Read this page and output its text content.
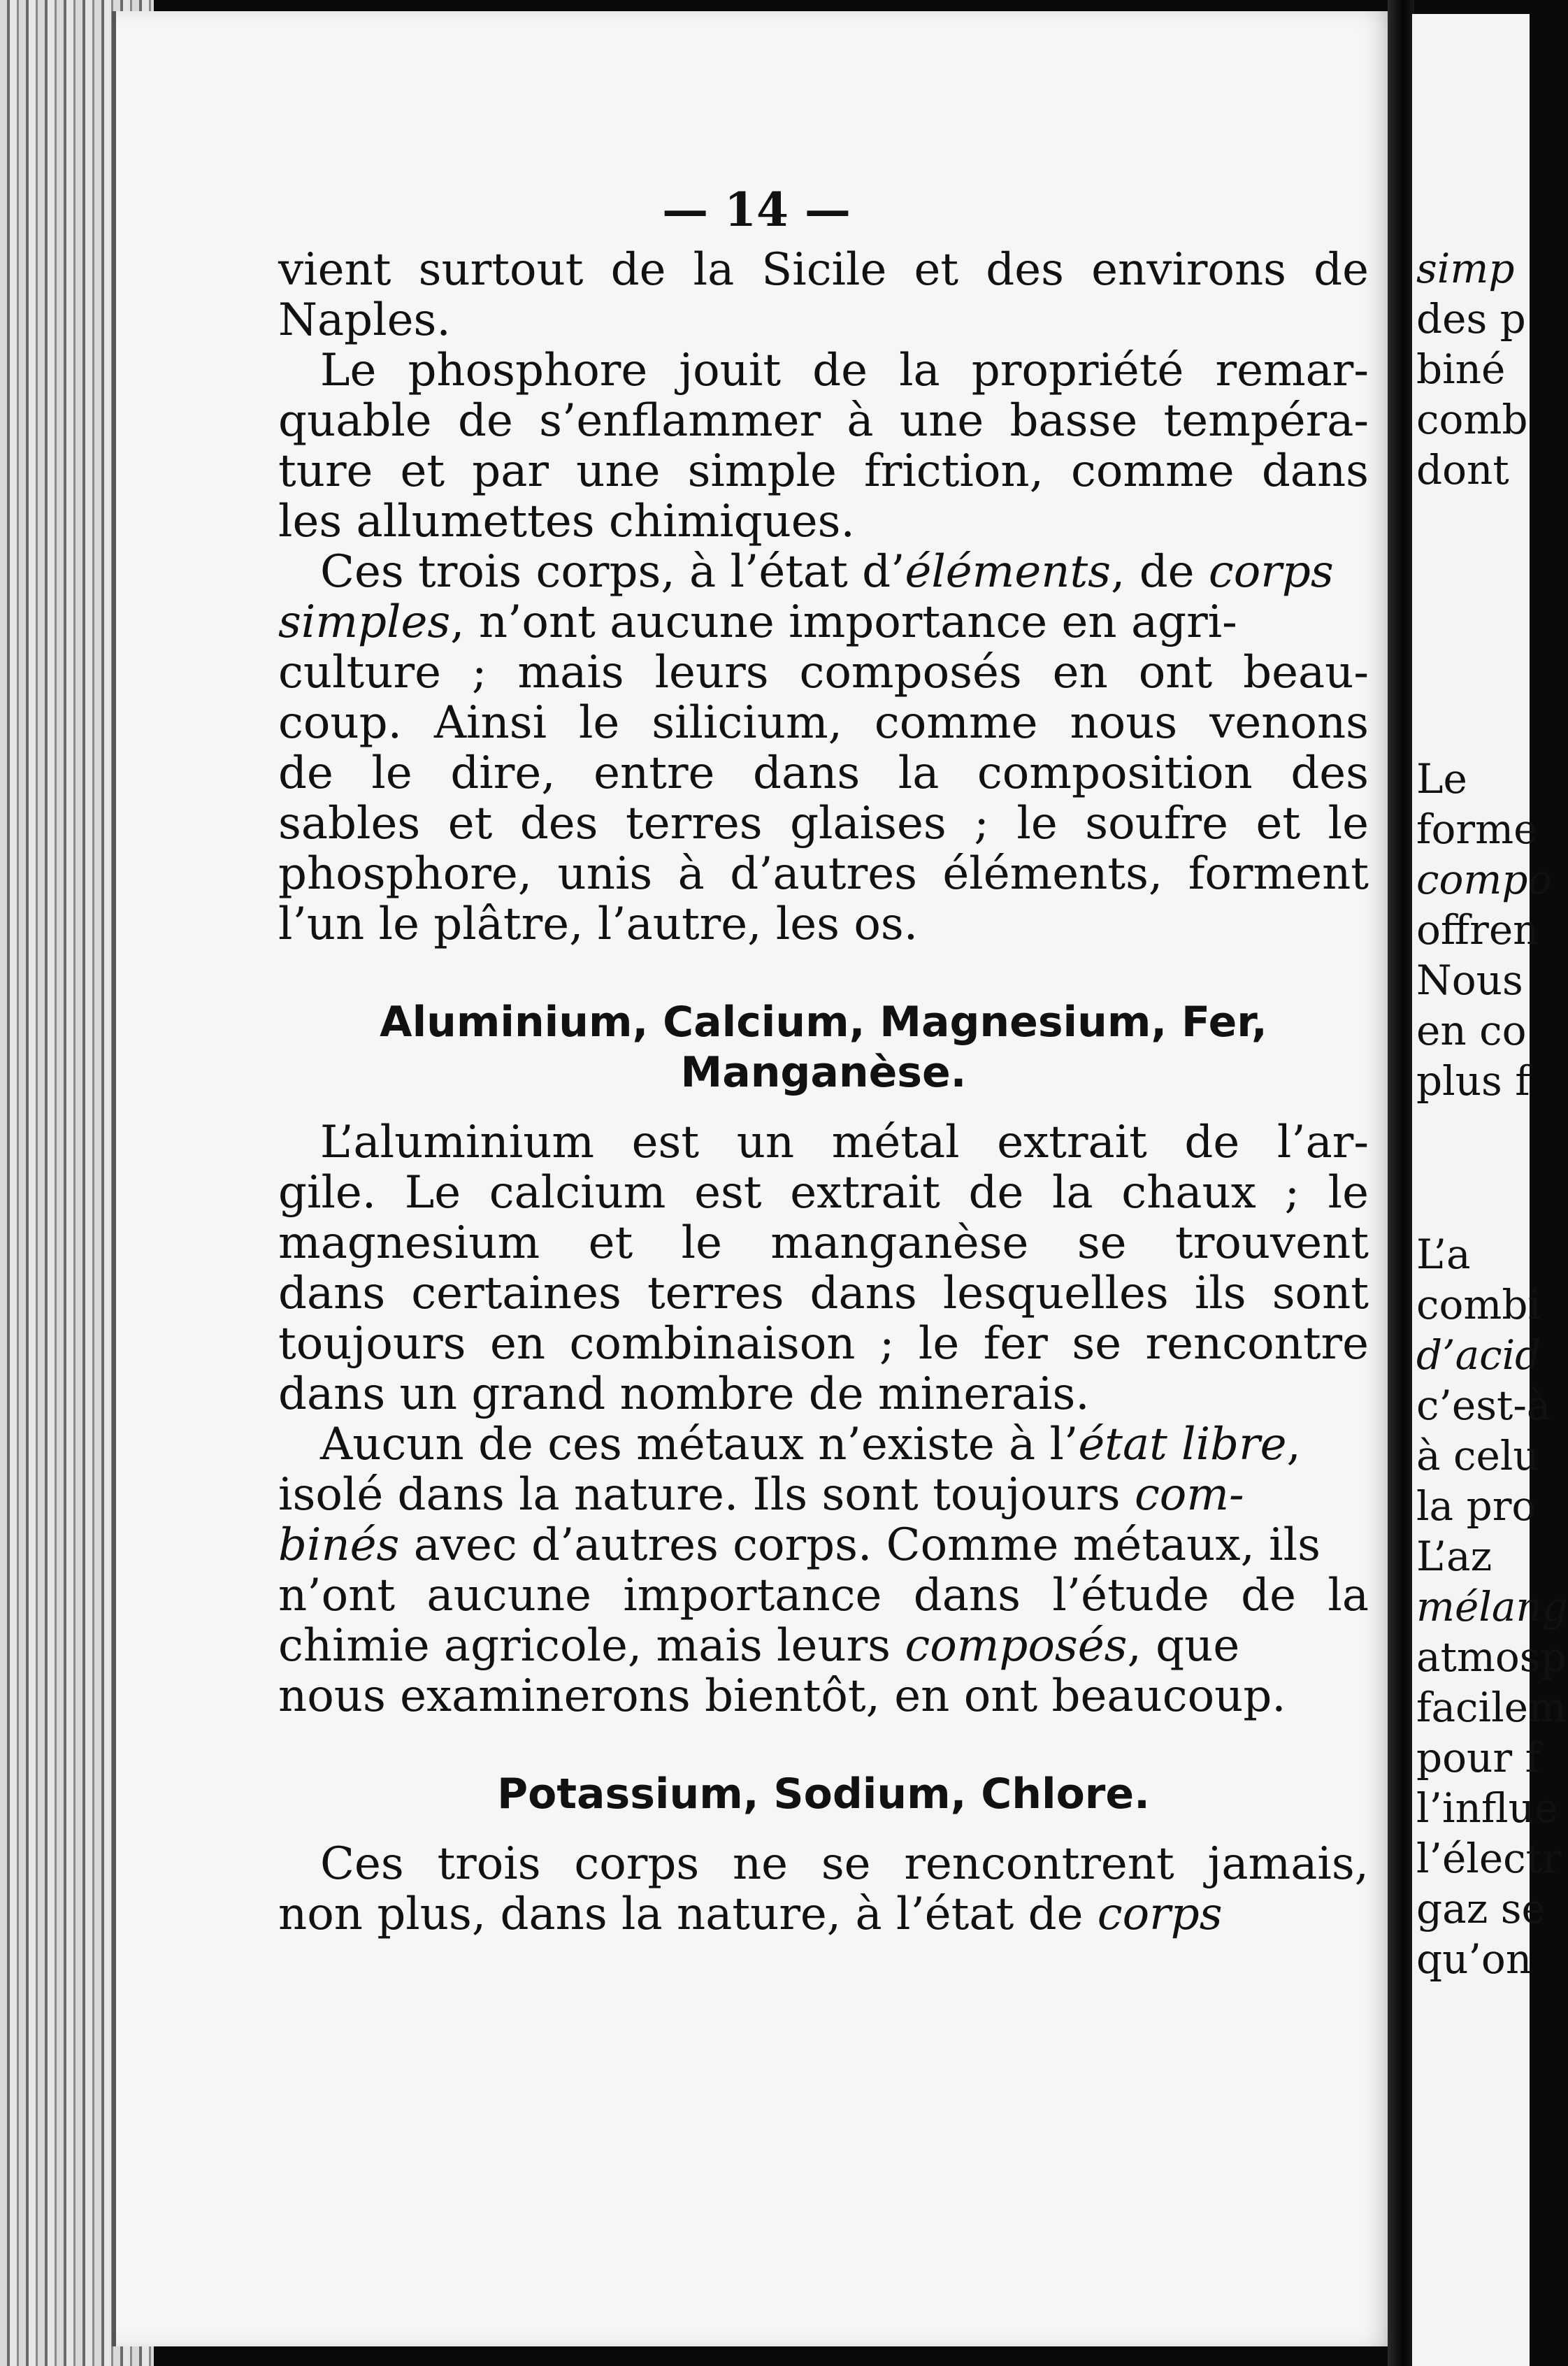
— 14 —
vient surtout de la Sicile et des environs de
Naples.
Le phosphore jouit de la propriété remar-
quable de s’enflammer à une basse tempéra-
ture et par une simple friction, comme dans
les allumettes chimiques.
Ces trois corps, à l’état d’éléments, de corps
simples, n’ont aucune importance en agri-
culture ; mais leurs composés en ont beau-
coup. Ainsi le silicium, comme nous venons
de le dire, entre dans la composition des
sables et des terres glaises ; le soufre et le
phosphore, unis à d’autres éléments, forment
l’un le plâtre, l’autre, les os.
Aluminium, Calcium, Magnesium, Fer,
Manganèse.
L’aluminium est un métal extrait de l’ar-
gile. Le calcium est extrait de la chaux ; le
magnesium et le manganèse se trouvent
dans certaines terres dans lesquelles ils sont
toujours en combinaison ; le fer se rencontre
dans un grand nombre de minerais.
Aucun de ces métaux n’existe à l’état libre,
isolé dans la nature. Ils sont toujours com-
binés avec d’autres corps. Comme métaux, ils
n’ont aucune importance dans l’étude de la
chimie agricole, mais leurs composés, que
nous examinerons bientôt, en ont beaucoup.
Potassium, Sodium, Chlore.
Ces trois corps ne se rencontrent jamais,
non plus, dans la nature, à l’état de corps
simp
des p
biné
comb
dont
Le
forme
compo
offren
Nous
en co
plus f
L’a
combi
d’acid
c’est-à
à celu
la pro
L’az
mélang
atmosp
facilem
pour f
l’influe
l’électr
gaz se
qu’on
